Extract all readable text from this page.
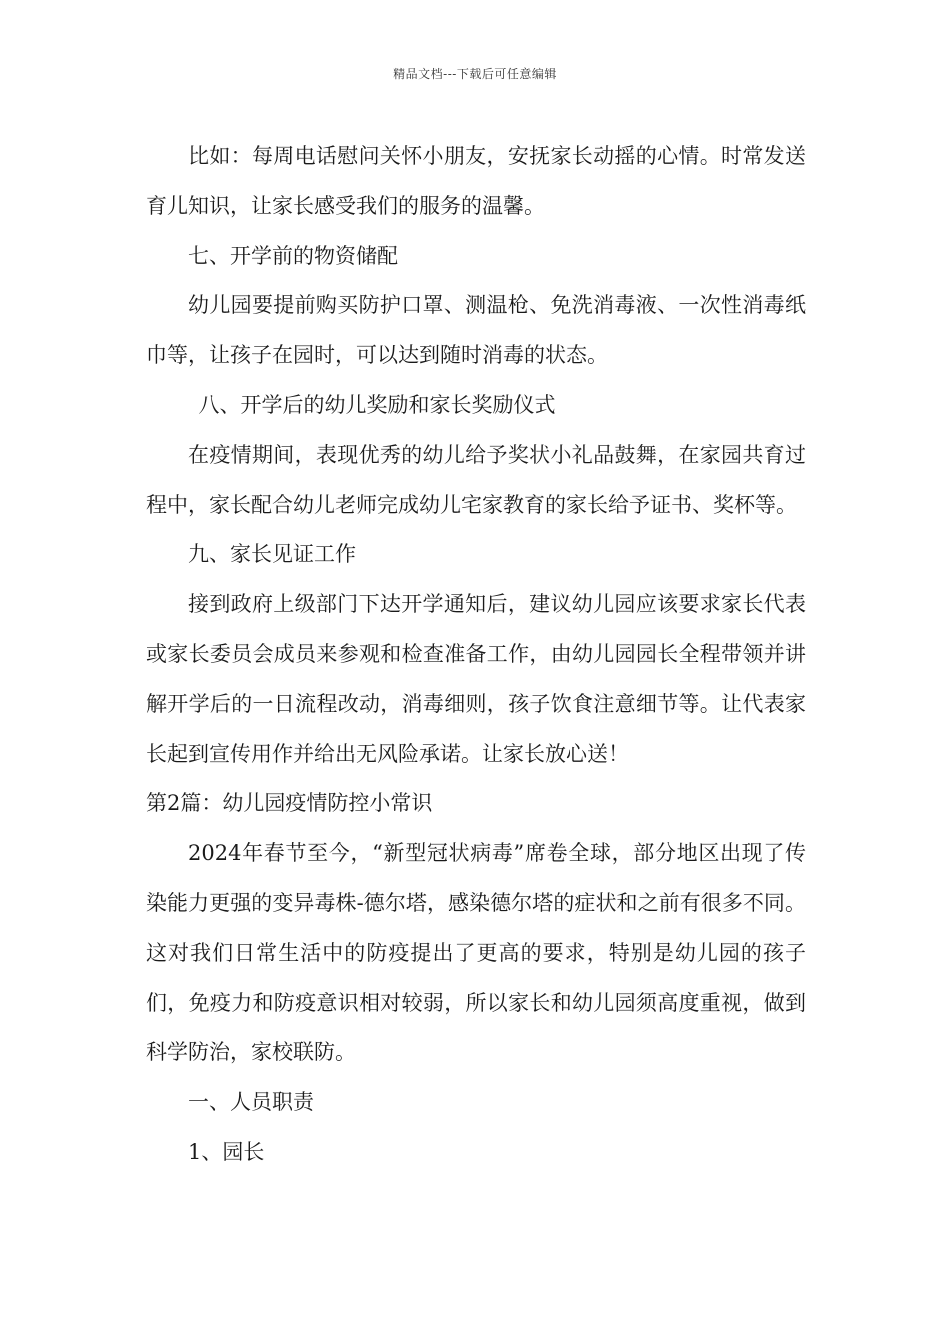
精品文档---下载后可任意编辑

比如：每周电话慰问关怀小朋友，安抚家长动摇的心情。时常发送育儿知识，让家长感受我们的服务的温馨。

七、开学前的物资储配

幼儿园要提前购买防护口罩、测温枪、免洗消毒液、一次性消毒纸巾等，让孩子在园时，可以达到随时消毒的状态。

八、开学后的幼儿奖励和家长奖励仪式

在疫情期间，表现优秀的幼儿给予奖状小礼品鼓舞，在家园共育过程中，家长配合幼儿老师完成幼儿宅家教育的家长给予证书、奖杯等。

九、家长见证工作

接到政府上级部门下达开学通知后，建议幼儿园应该要求家长代表或家长委员会成员来参观和检查准备工作，由幼儿园园长全程带领并讲解开学后的一日流程改动，消毒细则，孩子饮食注意细节等。让代表家长起到宣传用作并给出无风险承诺。让家长放心送！

第2篇：幼儿园疫情防控小常识

2024年春节至今，“新型冠状病毒”席卷全球，部分地区出现了传染能力更强的变异毒株-德尔塔，感染德尔塔的症状和之前有很多不同。这对我们日常生活中的防疫提出了更高的要求，特别是幼儿园的孩子们，免疫力和防疫意识相对较弱，所以家长和幼儿园须高度重视，做到科学防治，家校联防。

一、人员职责

1、园长
